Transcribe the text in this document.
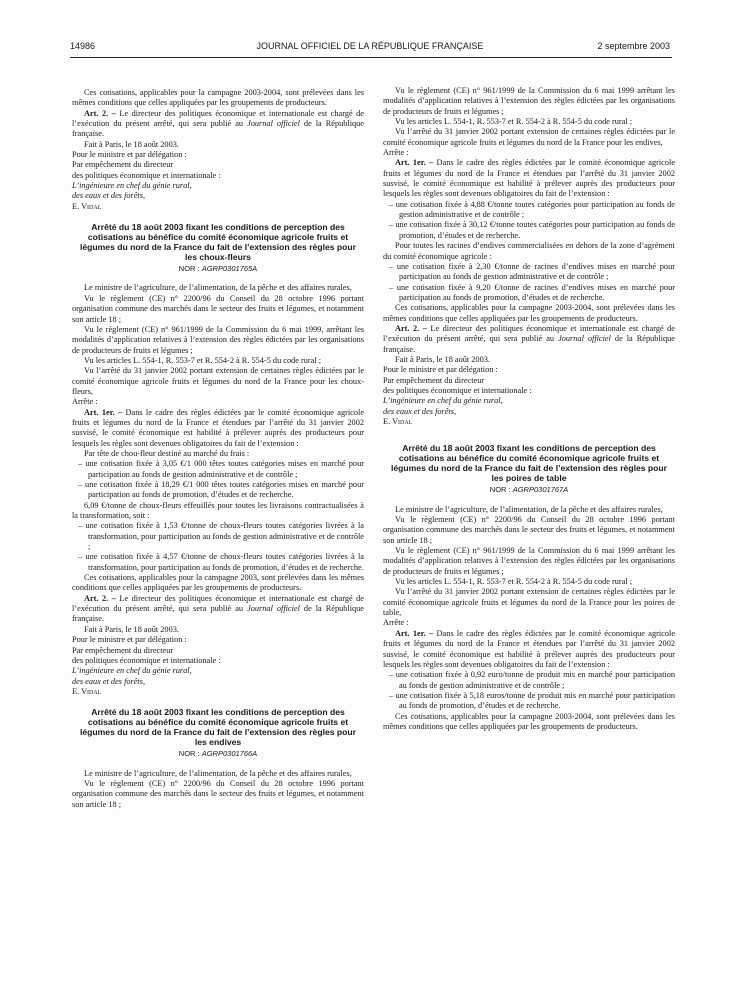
14986	JOURNAL OFFICIEL DE LA RÉPUBLIQUE FRANÇAISE	2 septembre 2003

Ces cotisations, applicables pour la campagne 2003-2004, sont prélevées dans les mêmes conditions que celles appliquées par les groupements de producteurs.

Art. 2. – Le directeur des politiques économique et internationale est chargé de l’exécution du présent arrêté, qui sera publié au Journal officiel de la République française.

Fait à Paris, le 18 août 2003.

Pour le ministre et par délégation :

Par empêchement du directeur

des politiques économique et internationale :

L’ingénieure en chef du génie rural,

des eaux et des forêts,

E. Vidal

Arrêté du 18 août 2003 fixant les conditions de perception des cotisations au bénéfice du comité économique agricole fruits et légumes du nord de la France du fait de l’extension des règles pour les choux-fleurs
NOR : AGRP0301765A

Le ministre de l’agriculture, de l’alimentation, de la pêche et des affaires rurales,

Vu le règlement (CE) n° 2200/96 du Conseil du 28 octobre 1996 portant organisation commune des marchés dans le secteur des fruits et légumes, et notamment son article 18 ;

Vu le règlement (CE) n° 961/1999 de la Commission du 6 mai 1999, arrêtant les modalités d’application relatives à l’extension des règles édictées par les organisations de producteurs de fruits et légumes ;

Vu les articles L. 554-1, R. 553-7 et R. 554-2 à R. 554-5 du code rural ;

Vu l’arrêté du 31 janvier 2002 portant extension de certaines règles édictées par le comité économique agricole fruits et légumes du nord de la France pour les choux-fleurs,

Arrête :

Art. 1er. – Dans le cadre des règles édictées par le comité économique agricole fruits et légumes du nord de la France et étendues par l’arrêté du 31 janvier 2002 susvisé, le comité économique est habilité à prélever auprès des producteurs pour lesquels les règles sont devenues obligatoires du fait de l’extension :

Par tête de chou-fleur destiné au marché du frais :

– une cotisation fixée à 3,05 €/1 000 têtes toutes catégories mises en marché pour participation au fonds de gestion administrative et de contrôle ;

– une cotisation fixée à 18,29 €/1 000 têtes toutes catégories mises en marché pour participation au fonds de promotion, d’études et de recherche.

6,09 €/tonne de choux-fleurs effeuillés pour toutes les livraisons contractualisées à la transformation, soit :

– une cotisation fixée à 1,53 €/tonne de choux-fleurs toutes catégories livrées à la transformation, pour participation au fonds de gestion administrative et de contrôle ;

– une cotisation fixée à 4,57 €/tonne de choux-fleurs toutes catégories livrées à la transformation, pour participation au fonds de promotion, d’études et de recherche.

Ces cotisations, applicables pour la campagne 2003, sont prélevées dans les mêmes conditions que celles appliquées par les groupements de producteurs.

Art. 2. – Le directeur des politiques économique et internationale est chargé de l’exécution du présent arrêté, qui sera publié au Journal officiel de la République française.

Fait à Paris, le 18 août 2003.

Pour le ministre et par délégation :

Par empêchement du directeur

des politiques économique et internationale :

L’ingénieure en chef du génie rural,

des eaux et des forêts,

E. Vidal

Arrêté du 18 août 2003 fixant les conditions de perception des cotisations au bénéfice du comité économique agricole fruits et légumes du nord de la France du fait de l’extension des règles pour les endives
NOR : AGRP0301766A

Le ministre de l’agriculture, de l’alimentation, de la pêche et des affaires rurales,

Vu le règlement (CE) n° 2200/96 du Conseil du 28 octobre 1996 portant organisation commune des marchés dans le secteur des fruits et légumes, et notamment son article 18 ;

Vu le règlement (CE) n° 961/1999 de la Commission du 6 mai 1999 arrêtant les modalités d’application relatives à l’extension des règles édictées par les organisations de producteurs de fruits et légumes ;

Vu les articles L. 554-1, R. 553-7 et R. 554-2 à R. 554-5 du code rural ;

Vu l’arrêté du 31 janvier 2002 portant extension de certaines règles édictées par le comité économique agricole fruits et légumes du nord de la France pour les endives,

Arrête :

Art. 1er. – Dans le cadre des règles édictées par le comité économique agricole fruits et légumes du nord de la France et étendues par l’arrêté du 31 janvier 2002 susvisé, le comité économique est habilité à prélever auprès des producteurs pour lesquels les règles sont devenues obligatoires du fait de l’extension :

– une cotisation fixée à 4,88 €/tonne toutes catégories pour participation au fonds de gestion administrative et de contrôle ;

– une cotisation fixée à 30,12 €/tonne toutes catégories pour participation au fonds de promotion, d’études et de recherche.

Pour toutes les racines d’endives commercialisées en dehors de la zone d’agrément du comité économique agricole :

– une cotisation fixée à 2,30 €/tonne de racines d’endives mises en marché pour participation au fonds de gestion administrative et de contrôle ;

– une cotisation fixée à 9,20 €/tonne de racines d’endives mises en marché pour participation au fonds de promotion, d’études et de recherche.

Ces cotisations, applicables pour la campagne 2003-2004, sont prélevées dans les mêmes conditions que celles appliquées par les groupements de producteurs.

Art. 2. – Le directeur des politiques économique et internationale est chargé de l’exécution du présent arrêté, qui sera publié au Journal officiel de la République française.

Fait à Paris, le 18 août 2003.

Pour le ministre et par délégation :

Par empêchement du directeur

des politiques économique et internationale :

L’ingénieure en chef du génie rural,

des eaux et des forêts,

E. Vidal

Arrêté du 18 août 2003 fixant les conditions de perception des cotisations au bénéfice du comité économique agricole fruits et légumes du nord de la France du fait de l’extension des règles pour les poires de table
NOR : AGRP0301767A

Le ministre de l’agriculture, de l’alimentation, de la pêche et des affaires rurales,

Vu le règlement (CE) n° 2200/96 du Conseil du 28 octobre 1996 portant organisation commune des marchés dans le secteur des fruits et légumes, et notamment son article 18 ;

Vu le règlement (CE) n° 961/1999 de la Commission du 6 mai 1999 arrêtant les modalités d’application relatives à l’extension des règles édictées par les organisations de producteurs de fruits et légumes ;

Vu les articles L. 554-1, R. 553-7 et R. 554-2 à R. 554-5 du code rural ;

Vu l’arrêté du 31 janvier 2002 portant extension de certaines règles édictées par le comité économique agricole fruits et légumes du nord de la France pour les poires de table,

Arrête :

Art. 1er. – Dans le cadre des règles édictées par le comité économique agricole fruits et légumes du nord de la France et étendues par l’arrêté du 31 janvier 2002 susvisé, le comité économique est habilité à prélever auprès des producteurs pour lesquels les règles sont devenues obligatoires du fait de l’extension :

– une cotisation fixée à 0,92 euro/tonne de produit mis en marché pour participation au fonds de gestion administrative et de contrôle ;

– une cotisation fixée à 5,18 euros/tonne de produit mis en marché pour participation au fonds de promotion, d’études et de recherche.

Ces cotisations, applicables pour la campagne 2003-2004, sont prélevées dans les mêmes conditions que celles appliquées par les groupements de producteurs.
